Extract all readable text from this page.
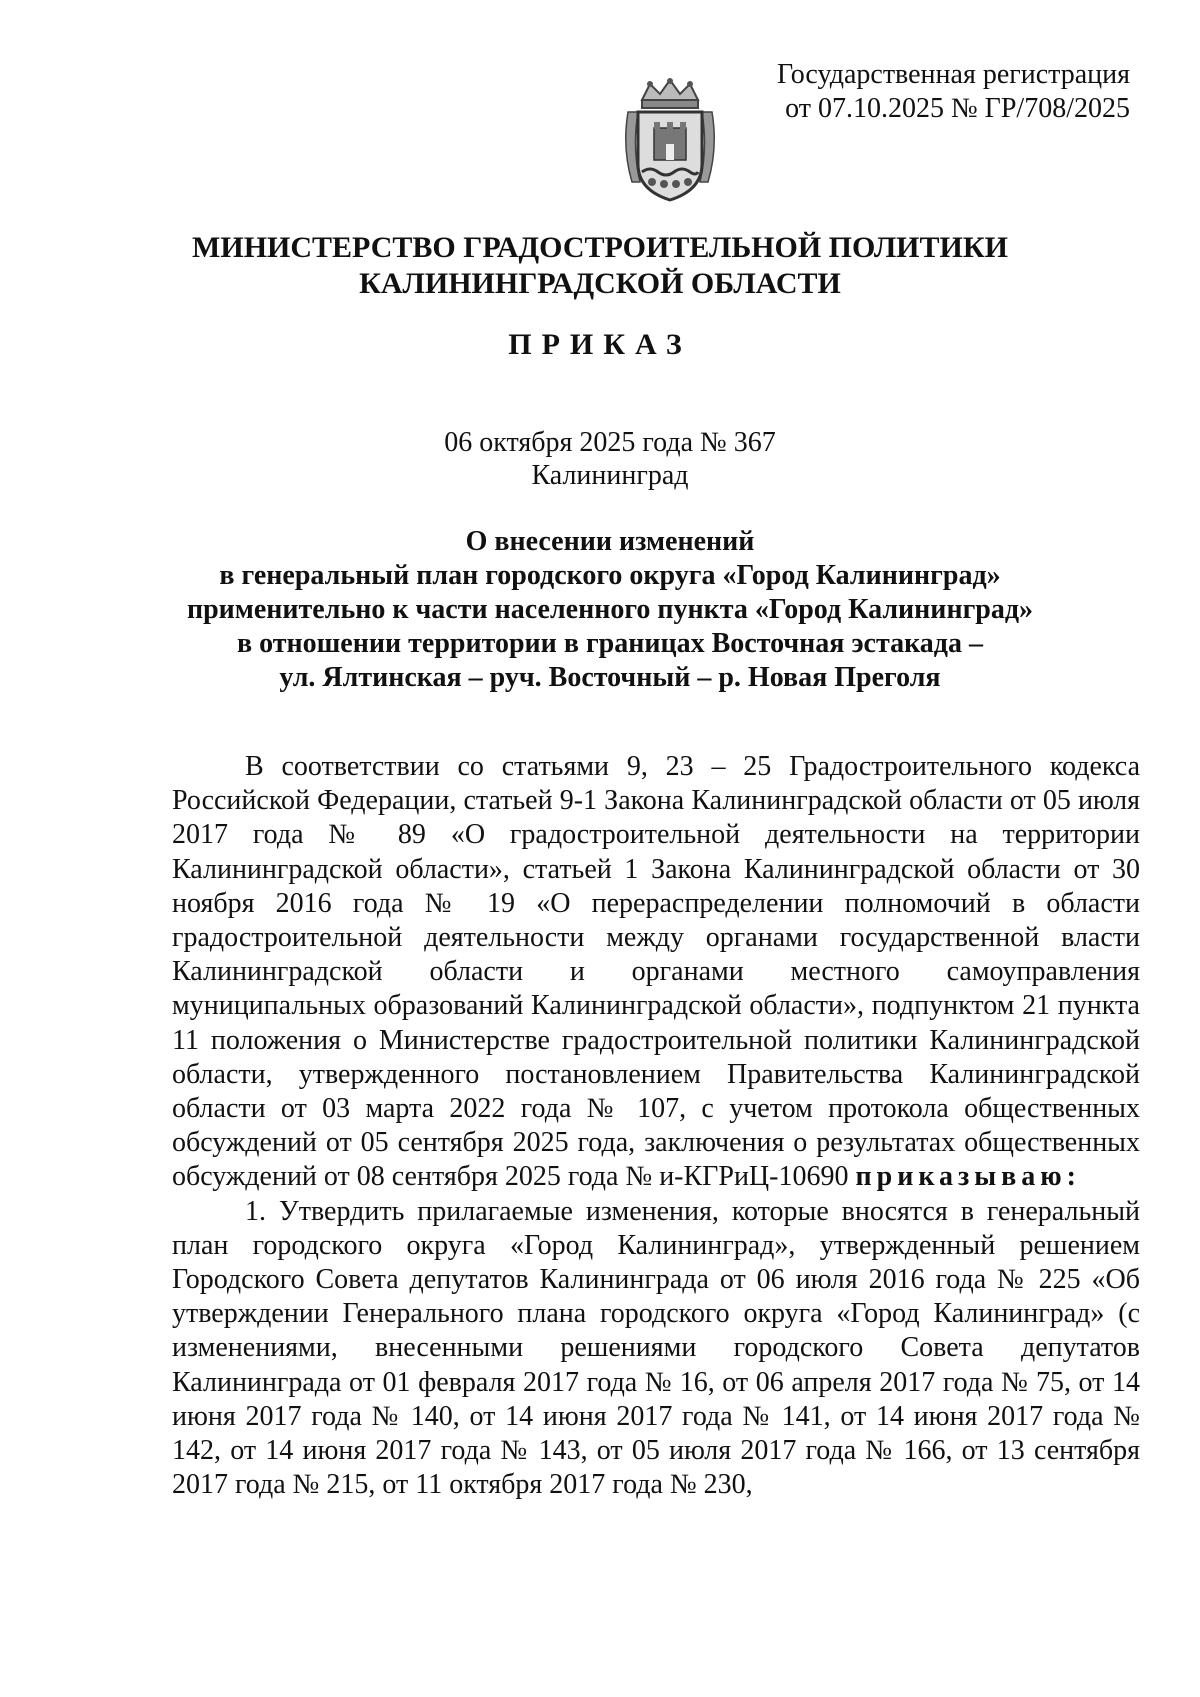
Государственная регистрация
от 07.10.2025 № ГР/708/2025
МИНИСТЕРСТВО ГРАДОСТРОИТЕЛЬНОЙ ПОЛИТИКИ
КАЛИНИНГРАДСКОЙ ОБЛАСТИ
ПРИКАЗ
06 октября 2025 года № 367
Калининград
О внесении изменений
в генеральный план городского округа «Город Калининград»
применительно к части населенного пункта «Город Калининград»
в отношении территории в границах Восточная эстакада –
ул. Ялтинская – руч. Восточный – р. Новая Преголя

В соответствии со статьями 9, 23 – 25 Градостроительного кодекса Российской Федерации, статьей 9-1 Закона Калининградской области от 05 июля 2017 года № 89 «О градостроительной деятельности на территории Калининградской области», статьей 1 Закона Калининградской области от 30 ноября 2016 года № 19 «О перераспределении полномочий в области градостроительной деятельности между органами государственной власти Калининградской области и органами местного самоуправления муниципальных образований Калининградской области», подпунктом 21 пункта 11 положения о Министерстве градостроительной политики Калининградской области, утвержденного постановлением Правительства Калининградской области от 03 марта 2022 года № 107, с учетом протокола общественных обсуждений от 05 сентября 2025 года, заключения о результатах общественных обсуждений от 08 сентября 2025 года № и-КГРиЦ-10690 приказываю:

1. Утвердить прилагаемые изменения, которые вносятся в генеральный план городского округа «Город Калининград», утвержденный решением Городского Совета депутатов Калининграда от 06 июля 2016 года № 225 «Об утверждении Генерального плана городского округа «Город Калининград» (с изменениями, внесенными решениями городского Совета депутатов Калининграда от 01 февраля 2017 года № 16, от 06 апреля 2017 года № 75, от 14 июня 2017 года № 140, от 14 июня 2017 года № 141, от 14 июня 2017 года № 142, от 14 июня 2017 года № 143, от 05 июля 2017 года № 166, от 13 сентября 2017 года № 215, от 11 октября 2017 года № 230,
